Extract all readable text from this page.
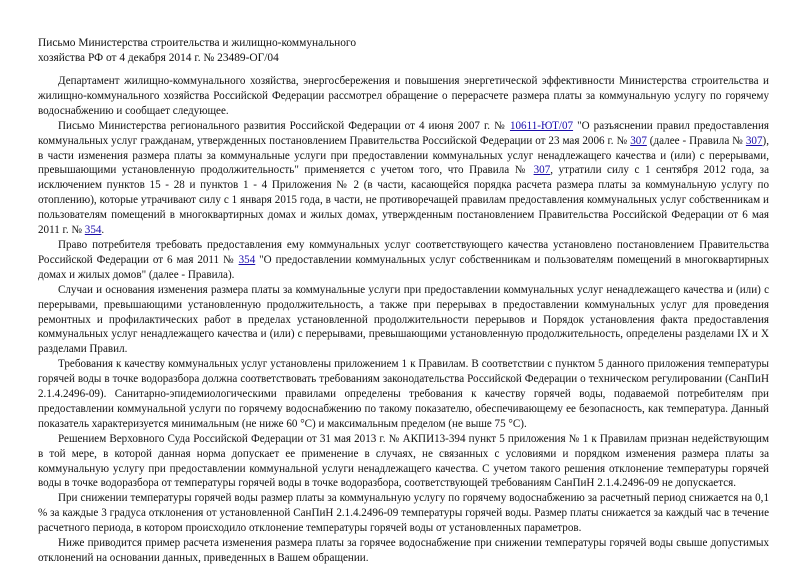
Письмо Министерства строительства и жилищно-коммунального
хозяйства РФ от 4 декабря 2014 г. № 23489-ОГ/04

Департамент жилищно-коммунального хозяйства, энергосбережения и повышения энергетической эффективности Министерства строительства и жилищно-коммунального хозяйства Российской Федерации рассмотрел обращение о перерасчете размера платы за коммунальную услугу по горячему водоснабжению и сообщает следующее.

Письмо Министерства регионального развития Российской Федерации от 4 июня 2007 г. № 10611-ЮТ/07 "О разъяснении правил предоставления коммунальных услуг гражданам, утвержденных постановлением Правительства Российской Федерации от 23 мая 2006 г. № 307 (далее - Правила № 307), в части изменения размера платы за коммунальные услуги при предоставлении коммунальных услуг ненадлежащего качества и (или) с перерывами, превышающими установленную продолжительность" применяется с учетом того, что Правила № 307, утратили силу с 1 сентября 2012 года, за исключением пунктов 15 - 28 и пунктов 1 - 4 Приложения № 2 (в части, касающейся порядка расчета размера платы за коммунальную услугу по отоплению), которые утрачивают силу с 1 января 2015 года, в части, не противоречащей правилам предоставления коммунальных услуг собственникам и пользователям помещений в многоквартирных домах и жилых домах, утвержденным постановлением Правительства Российской Федерации от 6 мая 2011 г. № 354.

Право потребителя требовать предоставления ему коммунальных услуг соответствующего качества установлено постановлением Правительства Российской Федерации от 6 мая 2011 № 354 "О предоставлении коммунальных услуг собственникам и пользователям помещений в многоквартирных домах и жилых домов" (далее - Правила).

Случаи и основания изменения размера платы за коммунальные услуги при предоставлении коммунальных услуг ненадлежащего качества и (или) с перерывами, превышающими установленную продолжительность, а также при перерывах в предоставлении коммунальных услуг для проведения ремонтных и профилактических работ в пределах установленной продолжительности перерывов и Порядок установления факта предоставления коммунальных услуг ненадлежащего качества и (или) с перерывами, превышающими установленную продолжительность, определены разделами IX и X разделами Правил.

Требования к качеству коммунальных услуг установлены приложением 1 к Правилам. В соответствии с пунктом 5 данного приложения температуры горячей воды в точке водоразбора должна соответствовать требованиям законодательства Российской Федерации о техническом регулировании (СанПиН 2.1.4.2496-09). Санитарно-эпидемиологическими правилами определены требования к качеству горячей воды, подаваемой потребителям при предоставлении коммунальной услуги по горячему водоснабжению по такому показателю, обеспечивающему ее безопасность, как температура. Данный показатель характеризуется минимальным (не ниже 60 °С) и максимальным пределом (не выше 75 °С).

Решением Верховного Суда Российской Федерации от 31 мая 2013 г. № АКПИ13-394 пункт 5 приложения № 1 к Правилам признан недействующим в той мере, в которой данная норма допускает ее применение в случаях, не связанных с условиями и порядком изменения размера платы за коммунальную услугу при предоставлении коммунальной услуги ненадлежащего качества. С учетом такого решения отклонение температуры горячей воды в точке водоразбора от температуры горячей воды в точке водоразбора, соответствующей требованиям СанПиН 2.1.4.2496-09 не допускается.

При снижении температуры горячей воды размер платы за коммунальную услугу по горячему водоснабжению за расчетный период снижается на 0,1 % за каждые 3 градуса отклонения от установленной СанПиН 2.1.4.2496-09 температуры горячей воды. Размер платы снижается за каждый час в течение расчетного периода, в котором происходило отклонение температуры горячей воды от установленных параметров.

Ниже приводится пример расчета изменения размера платы за горячее водоснабжение при снижении температуры горячей воды свыше допустимых отклонений на основании данных, приведенных в Вашем обращении.
